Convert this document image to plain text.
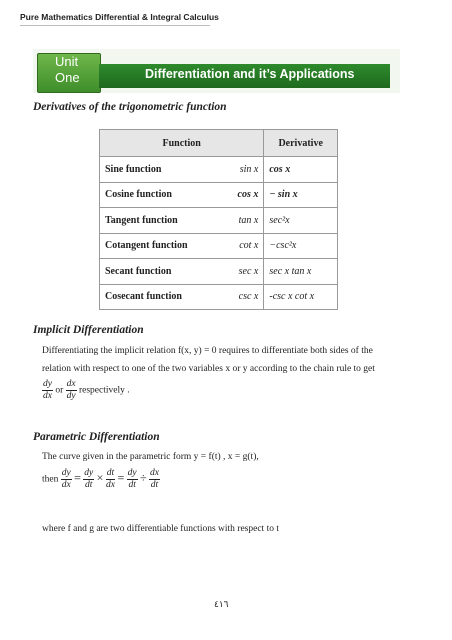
Pure Mathematics Differential & Integral Calculus
Unit
One	Differentiation and it’s Applications
Derivatives of the trigonometric function
Function		Derivative
Sine function	sin x	cos x
Cosine function	cos x	− sin x
Tangent function	tan x	sec²x
Cotangent function	cot x	−csc²x
Secant function	sec x	sec x tan x
Cosecant function	csc x	-csc x cot x
Implicit Differentiation
Differentiating the implicit relation f(x, y) = 0 requires to differentiate both sides of the
relation with respect to one of the two variables x or y according to the chain rule to get
$\frac{dy}{dx}$ or $\frac{dx}{dy}$ respectively .
Parametric Differentiation
The curve given in the parametric form y = f(t) , x = g(t),
then $\frac{dy}{dx} = \frac{dy}{dt} \times \frac{dt}{dx} = \frac{dy}{dt} \div \frac{dx}{dt}$
where f and g are two differentiable functions with respect to t
٤١٦
